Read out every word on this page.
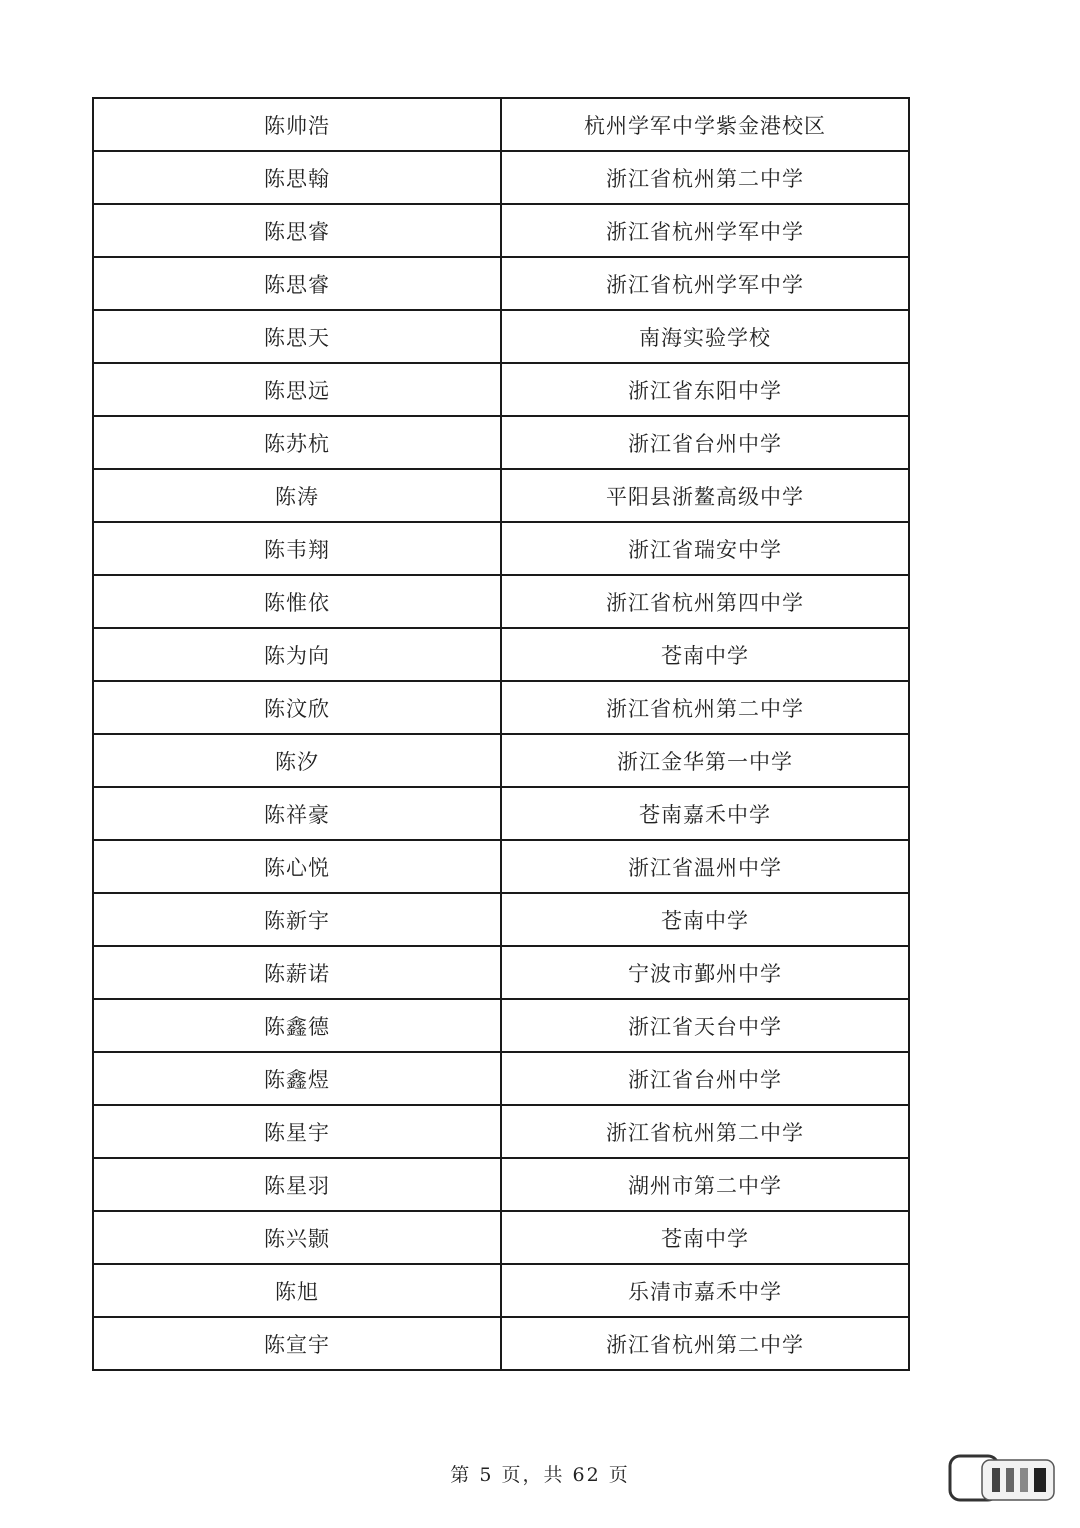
陈帅浩	杭州学军中学紫金港校区
陈思翰	浙江省杭州第二中学
陈思睿	浙江省杭州学军中学
陈思睿	浙江省杭州学军中学
陈思天	南海实验学校
陈思远	浙江省东阳中学
陈苏杭	浙江省台州中学
陈涛	平阳县浙鳌高级中学
陈韦翔	浙江省瑞安中学
陈惟依	浙江省杭州第四中学
陈为向	苍南中学
陈汶欣	浙江省杭州第二中学
陈汐	浙江金华第一中学
陈祥豪	苍南嘉禾中学
陈心悦	浙江省温州中学
陈新宇	苍南中学
陈薪诺	宁波市鄞州中学
陈鑫德	浙江省天台中学
陈鑫煜	浙江省台州中学
陈星宇	浙江省杭州第二中学
陈星羽	湖州市第二中学
陈兴颢	苍南中学
陈旭	乐清市嘉禾中学
陈宣宇	浙江省杭州第二中学
第 5 页，共 62 页
